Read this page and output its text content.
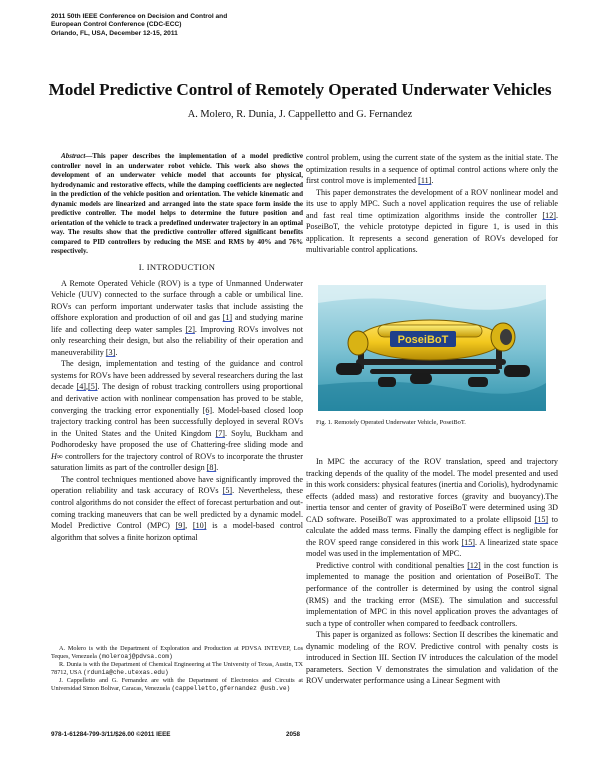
2011 50th IEEE Conference on Decision and Control and
European Control Conference (CDC-ECC)
Orlando, FL, USA, December 12-15, 2011
Model Predictive Control of Remotely Operated Underwater Vehicles
A. Molero, R. Dunia, J. Cappelletto and G. Fernandez

Abstract—This paper describes the implementation of a model predictive controller novel in an underwater robot vehicle. This work also shows the development of an underwater vehicle model that accounts for physical, hydrodynamic and restorative effects, while the damping coefficients are neglected in the prediction of the vehicle position and orientation. The vehicle kinematic and dynamic models are linearized and arranged into the state space form inside the predictive controller. The model helps to determine the future position and orientation of the vehicle to track a predefined underwater trajectory in an optimal way. The results show that the predictive controller offered significant benefits compared to PID controllers by reducing the MSE and RMS by 40% and 76% respectively.

I. INTRODUCTION

A Remote Operated Vehicle (ROV) is a type of Unmanned Underwater Vehicle (UUV) connected to the surface through a cable or umbilical line. ROVs can perform important underwater tasks that include assisting the offshore exploration and production of oil and gas [1] and studying marine life and collecting deep water samples [2]. Improving ROVs involves not only researching their design, but also the reliability of their operation and maneuverability [3].

The design, implementation and testing of the guidance and control systems for ROVs have been addressed by several researchers during the last decade [4],[5]. The design of robust tracking controllers using proportional and derivative action with nonlinear compensation has proved to be stable, converging the tracking error exponentially [6]. Model-based closed loop trajectory tracking control has been successfully deployed in several ROVs in the United States and the United Kingdom [7]. Soylu, Buckham and Podhorodesky have proposed the use of Chattering-free sliding mode and H∞ controllers for the trajectory control of ROVs to incorporate the thruster saturation limits as part of the controller design [8].

The control techniques mentioned above have significantly improved the operation reliability and task accuracy of ROVs [5]. Nevertheless, these control algorithms do not consider the effect of forecast perturbation and out-coming tracking maneuvers that can be well predicted by a dynamic model. Model Predictive Control (MPC) [9], [10] is a model-based control algorithm that solves a finite horizon optimal

A. Molero is with the Department of Exploration and Production at PDVSA INTEVEP, Los Teques, Venezuela (moleroaj@pdvsa.com)

R. Dunia is with the Department of Chemical Engineering at The University of Texas, Austin, TX 78712, USA (rdunia@che.utexas.edu)

J. Cappelletto and G. Fernandez are with the Department of Electronics and Circuits at Universidad Simon Bolivar, Caracas, Venezuela (cappelletto,gfernandez @usb.ve)

control problem, using the current state of the system as the initial state. The optimization results in a sequence of optimal control actions where only the first control move is implemented [11].

This paper demonstrates the development of a ROV nonlinear model and its use to apply MPC. Such a novel application requires the use of reliable and fast real time optimization algorithms inside the controller [12]. PoseiBoT, the vehicle prototype depicted in figure 1, is used in this application. It represents a second generation of ROVs developed for multivariable control applications.

PoseiBoT
Fig. 1. Remotely Operated Underwater Vehicle, PoseiBoT.

In MPC the accuracy of the ROV translation, speed and trajectory tracking depends of the quality of the model. The model presented and used in this work considers: physical features (inertia and Coriolis), hydrodynamic effects (added mass) and restorative forces (gravity and buoyancy).The inertia tensor and center of gravity of PoseiBoT were determined using 3D CAD software. PoseiBoT was approximated to a prolate ellipsoid [15] to calculate the added mass terms. Finally the damping effect is negligible for the ROV speed range considered in this work [15]. A linearized state space model was used in the implementation of MPC.

Predictive control with conditional penalties [12] in the cost function is implemented to manage the position and orientation of PoseiBoT. The performance of the controller is determined by using the control signal (RMS) and the tracking error (MSE). The simulation and successful implementation of MPC in this novel application proves the advantages of such a type of controller when compared to feedback controllers.

This paper is organized as follows: Section II describes the kinematic and dynamic modeling of the ROV. Predictive control with penalty costs is introduced in Section III. Section IV introduces the calculation of the model parameters. Section V demonstrates the simulation and validation of the ROV underwater performance using a Linear Segment with

978-1-61284-799-3/11/$26.00 ©2011 IEEE	2058
